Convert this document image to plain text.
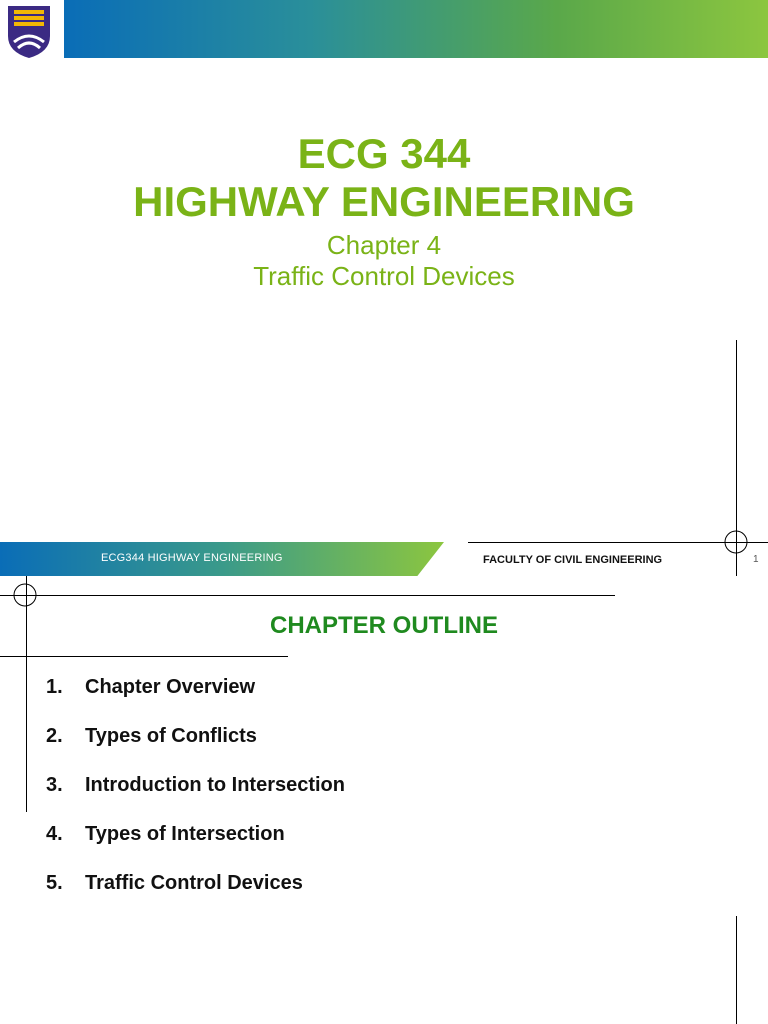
ECG 344
HIGHWAY ENGINEERING
Chapter 4
Traffic Control Devices
ECG344 HIGHWAY ENGINEERING	FACULTY OF CIVIL ENGINEERING	1
CHAPTER OUTLINE
1.	Chapter Overview
2.	Types of Conflicts
3.	Introduction to Intersection
4.	Types of Intersection
5.	Traffic Control Devices
